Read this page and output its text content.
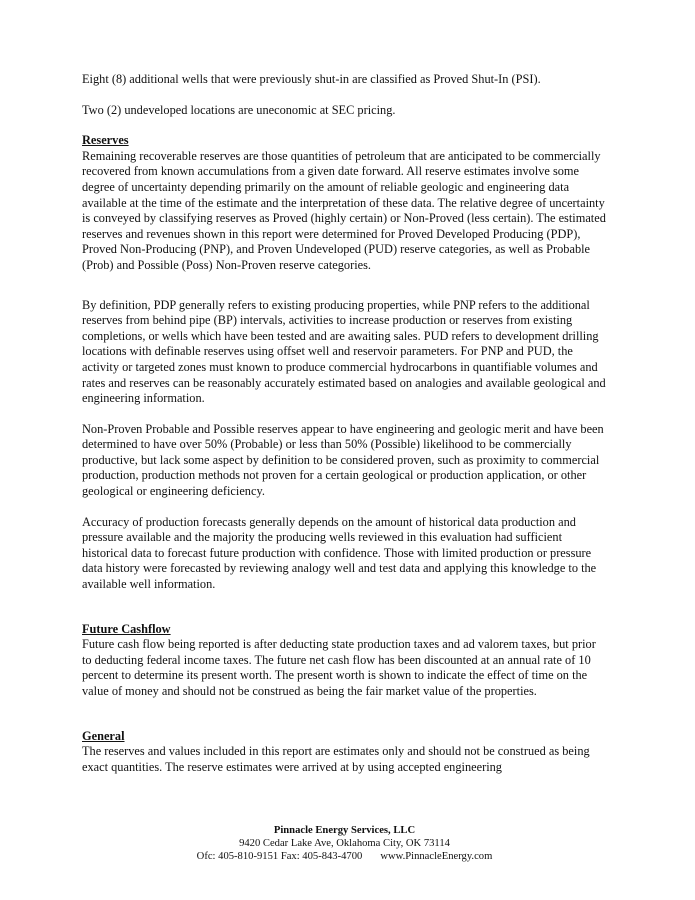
Eight (8) additional wells that were previously shut-in are classified as Proved Shut-In (PSI).

Two (2) undeveloped locations are uneconomic at SEC pricing.

Reserves

Remaining recoverable reserves are those quantities of petroleum that are anticipated to be commercially recovered from known accumulations from a given date forward. All reserve estimates involve some degree of uncertainty depending primarily on the amount of reliable geologic and engineering data available at the time of the estimate and the interpretation of these data. The relative degree of uncertainty is conveyed by classifying reserves as Proved (highly certain) or Non-Proved (less certain). The estimated reserves and revenues shown in this report were determined for Proved Developed Producing (PDP), Proved Non-Producing (PNP), and Proven Undeveloped (PUD) reserve categories, as well as Probable (Prob) and Possible (Poss) Non-Proven reserve categories.

By definition, PDP generally refers to existing producing properties, while PNP refers to the additional reserves from behind pipe (BP) intervals, activities to increase production or reserves from existing completions, or wells which have been tested and are awaiting sales. PUD refers to development drilling locations with definable reserves using offset well and reservoir parameters. For PNP and PUD, the activity or targeted zones must known to produce commercial hydrocarbons in quantifiable volumes and rates and reserves can be reasonably accurately estimated based on analogies and available geological and engineering information.

Non-Proven Probable and Possible reserves appear to have engineering and geologic merit and have been determined to have over 50% (Probable) or less than 50% (Possible) likelihood to be commercially productive, but lack some aspect by definition to be considered proven, such as proximity to commercial production, production methods not proven for a certain geological or production application, or other geological or engineering deficiency.

Accuracy of production forecasts generally depends on the amount of historical data production and pressure available and the majority the producing wells reviewed in this evaluation had sufficient historical data to forecast future production with confidence. Those with limited production or pressure data history were forecasted by reviewing analogy well and test data and applying this knowledge to the available well information.

Future Cashflow

Future cash flow being reported is after deducting state production taxes and ad valorem taxes, but prior to deducting federal income taxes. The future net cash flow has been discounted at an annual rate of 10 percent to determine its present worth. The present worth is shown to indicate the effect of time on the value of money and should not be construed as being the fair market value of the properties.

General

The reserves and values included in this report are estimates only and should not be construed as being exact quantities. The reserve estimates were arrived at by using accepted engineering

Pinnacle Energy Services, LLC
9420 Cedar Lake Ave, Oklahoma City, OK 73114
Ofc: 405-810-9151 Fax: 405-843-4700 www.PinnacleEnergy.com
